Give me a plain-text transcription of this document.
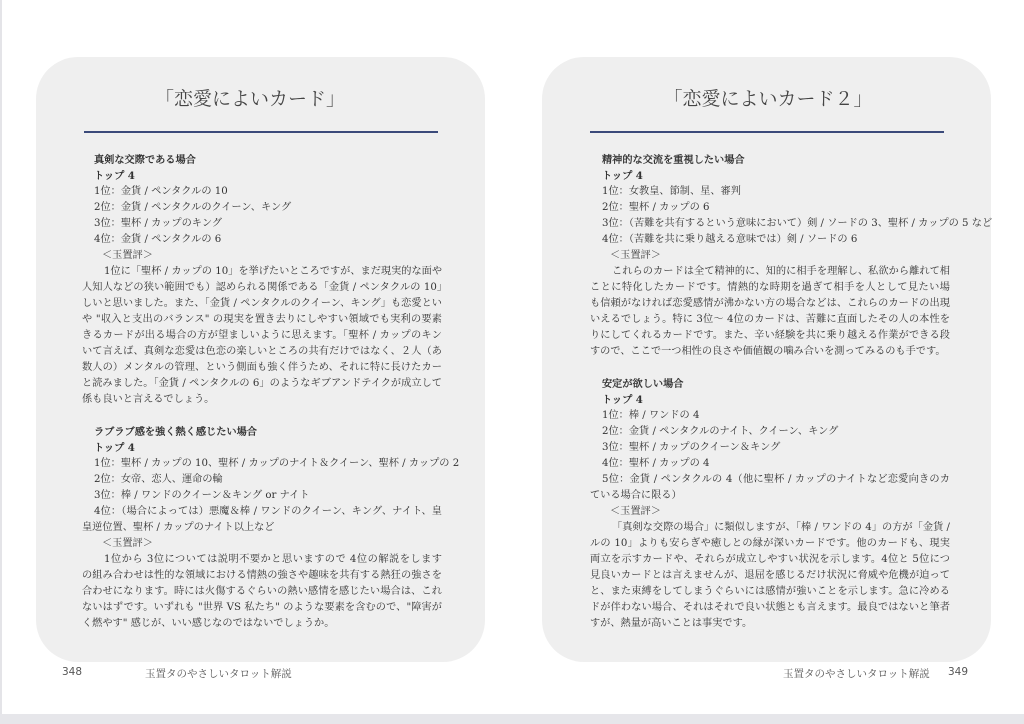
「恋愛によいカード」
真剣な交際である場合
トップ 4
1位：金貨 / ペンタクルの 10
2位：金貨 / ペンタクルのクイーン、キング
3位：聖杯 / カップのキング
4位：金貨 / ペンタクルの 6
＜玉置評＞
1位に「聖杯 / カップの 10」を挙げたいところですが、まだ現実的な面や
人知人などの狭い範囲でも）認められる関係である「金貨 / ペンタクルの 10」
しいと思いました。また、「金貨 / ペンタクルのクイーン、キング」も恋愛とい
や "収入と支出のバランス" の現実を置き去りにしやすい領域でも実利の要素
きるカードが出る場合の方が望ましいように思えます。「聖杯 / カップのキン
いて言えば、真剣な恋愛は色恋の楽しいところの共有だけではなく、２人（あ
数人の）メンタルの管理、という側面も強く伴うため、それに特に長けたカー
と読みました。「金貨 / ペンタクルの 6」のようなギブアンドテイクが成立して
係も良いと言えるでしょう。
ラブラブ感を強く熱く感じたい場合
トップ 4
1位：聖杯 / カップの 10、聖杯 / カップのナイト＆クイーン、聖杯 / カップの 2
2位：女帝、恋人、運命の輪
3位：棒 / ワンドのクイーン＆キング or ナイト
4位：（場合によっては）悪魔＆棒 / ワンドのクイーン、キング、ナイト、皇
皇逆位置、聖杯 / カップのナイト以上など
＜玉置評＞
1位から 3位については説明不要かと思いますので 4位の解説をします
の組み合わせは性的な領域における情熱の強さや趣味を共有する熱狂の強さを
合わせになります。時には火傷するぐらいの熱い感情を感じたい場合は、これ
ないはずです。いずれも "世界 VS 私たち" のような要素を含むので、"障害が
く燃やす" 感じが、いい感じなのではないでしょうか。
348	玉置タのやさしいタロット解説
「恋愛によいカード２」
精神的な交流を重視したい場合
トップ 4
1位：女教皇、節制、星、審判
2位：聖杯 / カップの 6
3位：（苦難を共有するという意味において）剣 / ソードの 3、聖杯 / カップの 5 など
4位：（苦難を共に乗り越える意味では）剣 / ソードの 6
＜玉置評＞
これらのカードは全て精神的に、知的に相手を理解し、私欲から離れて相
ことに特化したカードです。情熱的な時期を過ぎて相手を人として見たい場
も信頼がなければ恋愛感情が沸かない方の場合などは、これらのカードの出現
いえるでしょう。特に 3位～ 4位のカードは、苦難に直面したその人の本性を
りにしてくれるカードです。また、辛い経験を共に乗り越える作業ができる段
すので、ここで一つ相性の良さや価値観の噛み合いを測ってみるのも手です。
安定が欲しい場合
トップ 4
1位：棒 / ワンドの 4
2位：金貨 / ペンタクルのナイト、クイーン、キング
3位：聖杯 / カップのクイーン＆キング
4位：聖杯 / カップの 4
5位：金貨 / ペンタクルの 4（他に聖杯 / カップのナイトなど恋愛向きのカ
ている場合に限る）
＜玉置評＞
「真剣な交際の場合」に類似しますが、「棒 / ワンドの 4」の方が「金貨 /
ルの 10」よりも安らぎや癒しとの縁が深いカードです。他のカードも、現実
両立を示すカードや、それらが成立しやすい状況を示します。4位と 5位につ
見良いカードとは言えませんが、退屈を感じるだけ状況に脅威や危機が迫って
と、また束縛をしてしまうぐらいには感情が強いことを示します。急に冷める
ドが伴わない場合、それはそれで良い状態とも言えます。最良ではないと筆者
すが、熱量が高いことは事実です。
玉置タのやさしいタロット解説 349
